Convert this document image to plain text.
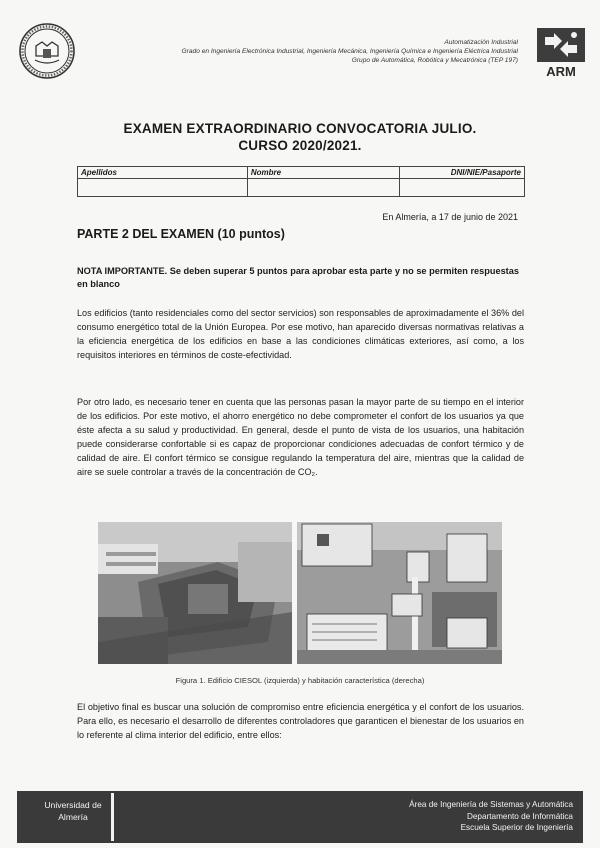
Automatización Industrial
Grado en Ingeniería Electrónica Industrial, Ingeniería Mecánica, Ingeniería Química e Ingeniería Eléctrica Industrial
Grupo de Automática, Robótica y Mecatrónica (TEP 197)
ARM
EXAMEN EXTRAORDINARIO CONVOCATORIA JULIO.
CURSO 2020/2021.
Apellidos	Nombre	DNI/NIE/Pasaporte

En Almería, a 17 de junio de 2021
PARTE 2 DEL EXAMEN (10 puntos)
NOTA IMPORTANTE. Se deben superar 5 puntos para aprobar esta parte y no se permiten respuestas en blanco
Los edificios (tanto residenciales como del sector servicios) son responsables de aproximadamente el 36% del consumo energético total de la Unión Europea. Por ese motivo, han aparecido diversas normativas relativas a la eficiencia energética de los edificios en base a las condiciones climáticas exteriores, así como, a los requisitos interiores en términos de coste-efectividad.
Por otro lado, es necesario tener en cuenta que las personas pasan la mayor parte de su tiempo en el interior de los edificios. Por este motivo, el ahorro energético no debe comprometer el confort de los usuarios ya que éste afecta a su salud y productividad. En general, desde el punto de vista de los usuarios, una habitación puede considerarse confortable si es capaz de proporcionar condiciones adecuadas de confort térmico y de calidad de aire. El confort térmico se consigue regulando la temperatura del aire, mientras que la calidad de aire se suele controlar a través de la concentración de CO₂.
Figura 1. Edificio CIESOL (izquierda) y habitación característica (derecha)
El objetivo final es buscar una solución de compromiso entre eficiencia energética y el confort de los usuarios. Para ello, es necesario el desarrollo de diferentes controladores que garanticen el bienestar de los usuarios en lo referente al clima interior del edificio, entre ellos:
Universidad de Almería
Área de Ingeniería de Sistemas y Automática
Departamento de Informática
Escuela Superior de Ingeniería
